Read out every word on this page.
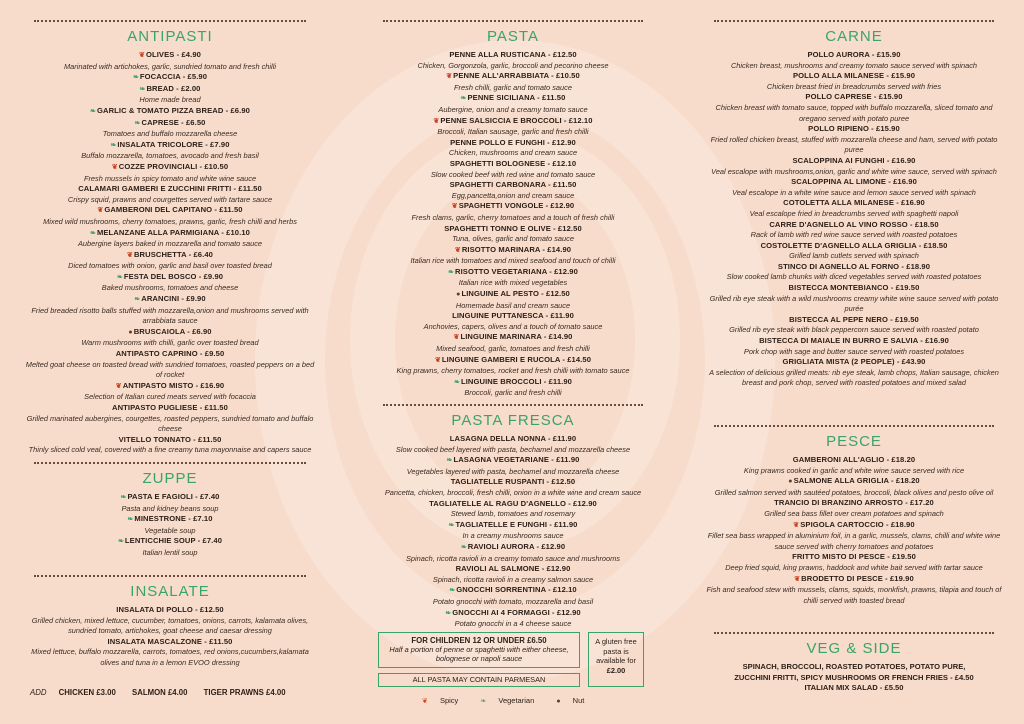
ANTIPASTI
❦OLIVES - £4.90
Marinated with artichokes, garlic, sundried tomato and fresh chilli
❧FOCACCIA - £5.90
❧BREAD - £2.00
Home made bread
❧GARLIC & TOMATO PIZZA BREAD - £6.90
❧CAPRESE - £6.50
Tomatoes and buffalo mozzarella cheese
❧INSALATA TRICOLORE - £7.90
Buffalo mozzarella, tomatoes, avocado and fresh basil
❦COZZE PROVINCIALI - £10.50
Fresh mussels in spicy tomato and white wine sauce
CALAMARI GAMBERI E ZUCCHINI FRITTI - £11.50
Crispy squid, prawns and courgettes served with tartare sauce
❦GAMBERONI DEL CAPITANO - £11.50
Mixed wild mushrooms, cherry tomatoes, prawns, garlic, fresh chilli and herbs
❧MELANZANE ALLA PARMIGIANA - £10.10
Aubergine layers baked in mozzarella and tomato sauce
❦BRUSCHETTA - £6.40
Diced tomatoes with onion, garlic and basil over toasted bread
❧FESTA DEL BOSCO - £9.90
Baked mushrooms, tomatoes and cheese
❧ARANCINI - £9.90
Fried breaded risotto balls stuffed with mozzarella,onion and mushrooms served with arrabbiata sauce
●BRUSCAIOLA - £6.90
Warm mushrooms with chilli, garlic over toasted bread
ANTIPASTO CAPRINO - £9.50
Melted goat cheese on toasted bread with sundried tomatoes, roasted peppers on a bed of rocket
❦ANTIPASTO MISTO - £16.90
Selection of Italian cured meats served with focaccia
ANTIPASTO PUGLIESE - £11.50
Grilled marinated aubergines, courgettes, roasted peppers, sundried tomato and buffalo cheese
VITELLO TONNATO - £11.50
Thinly sliced cold veal, covered with a fine creamy tuna mayonnaise and capers sauce
ZUPPE
❧PASTA E FAGIOLI - £7.40
Pasta and kidney beans soup
❧MINESTRONE - £7.10
Vegetable soup
❧LENTICCHIE SOUP - £7.40
Italian lentil soup
INSALATE
INSALATA DI POLLO - £12.50
Grilled chicken, mixed lettuce, cucumber, tomatoes, onions, carrots, kalamata olives, sundried tomato, artichokes, goat cheese and caesar dressing
INSALATA MASCALZONE - £11.50
Mixed lettuce, buffalo mozzarella, carrots, tomatoes, red onions,cucumbers,kalamata olives and tuna in a lemon EVOO dressing
ADD CHICKEN £3.00 SALMON £4.00 TIGER PRAWNS £4.00
PASTA
PENNE ALLA RUSTICANA - £12.50
Chicken, Gorgonzola, garlic, broccoli and pecorino cheese
❦PENNE ALL'ARRABBIATA - £10.50
Fresh chilli, garlic and tomato sauce
❧PENNE SICILIANA - £11.50
Aubergine, onion and a creamy tomato sauce
❦PENNE SALSICCIA E BROCCOLI - £12.10
Broccoli, Italian sausage, garlic and fresh chilli
PENNE POLLO E FUNGHI - £12.90
Chicken, mushrooms and cream sauce
SPAGHETTI BOLOGNESE - £12.10
Slow cooked beef with red wine and tomato sauce
SPAGHETTI CARBONARA - £11.50
Egg,pancetta,onion and cream sauce
❦SPAGHETTI VONGOLE - £12.90
Fresh clams, garlic, cherry tomatoes and a touch of fresh chilli
SPAGHETTI TONNO E OLIVE - £12.50
Tuna, olives, garlic and tomato sauce
❦RISOTTO MARINARA - £14.90
Italian rice with tomatoes and mixed seafood and touch of chilli
❧RISOTTO VEGETARIANA - £12.90
Italian rice with mixed vegetables
●LINGUINE AL PESTO - £12.50
Homemade basil and cream sauce
LINGUINE PUTTANESCA - £11.90
Anchovies, capers, olives and a touch of tomato sauce
❦LINGUINE MARINARA - £14.90
Mixed seafood, garlic, tomatoes and fresh chilli
❦LINGUINE GAMBERI E RUCOLA - £14.50
King prawns, cherry tomatoes, rocket and fresh chilli with tomato sauce
❧LINGUINE BROCCOLI - £11.90
Broccoli, garlic and fresh chilli
PASTA FRESCA
LASAGNA DELLA NONNA - £11.90
Slow cooked beef layered with pasta, bechamel and mozzarella cheese
❧LASAGNA VEGETARIANE - £11.90
Vegetables layered with pasta, bechamel and mozzarella cheese
TAGLIATELLE RUSPANTI - £12.50
Pancetta, chicken, broccoli, fresh chilli, onion in a white wine and cream sauce
TAGLIATELLE AL RAGU D'AGNELLO - £12.90
Stewed lamb, tomatoes and rosemary
❧TAGLIATELLE E FUNGHI - £11.90
In a creamy mushrooms sauce
❧RAVIOLI AURORA - £12.90
Spinach, ricotta ravioli in a creamy tomato sauce and mushrooms
RAVIOLI AL SALMONE - £12.90
Spinach, ricotta ravioli in a creamy salmon sauce
❧GNOCCHI SORRENTINA - £12.10
Potato gnocchi with tomato, mozzarella and basil
❧GNOCCHI AI 4 FORMAGGI - £12.90
Potato gnocchi in a 4 cheese sauce
FOR CHILDREN 12 OR UNDER £6.50
Half a portion of penne or spaghetti with either cheese, bolognese or napoli sauce
ALL PASTA MAY CONTAIN PARMESAN
A gluten free pasta is available for
£2.00
❦ Spicy	❧ Vegetarian	● Nut
CARNE
POLLO AURORA - £15.90
Chicken breast, mushrooms and creamy tomato sauce served with spinach
POLLO ALLA MILANESE - £15.90
Chicken breast fried in breadcrumbs served with fries
POLLO CAPRESE - £15.90
Chicken breast with tomato sauce, topped with buffalo mozzarella, sliced tomato and oregano served with potato puree
POLLO RIPIENO - £15.90
Fried rolled chicken breast, stuffed with mozzarella cheese and ham, served with potato puree
SCALOPPINA AI FUNGHI - £16.90
Veal escalope with mushrooms,onion, garlic and white wine sauce, served with spinach
SCALOPPINA AL LIMONE - £16.90
Veal escalope in a white wine sauce and lemon sauce served with spinach
COTOLETTA ALLA MILANESE - £16.90
Veal escalope fried in breadcrumbs served with spaghetti napoli
CARRE D'AGNELLO AL VINO ROSSO - £18.50
Rack of lamb with red wine sauce served with roasted potatoes
COSTOLETTE D'AGNELLO ALLA GRIGLIA - £18.50
Grilled lamb cutlets served with spinach
STINCO DI AGNELLO AL FORNO - £18.90
Slow cooked lamb chunks with diced vegetables served with roasted potatoes
BISTECCA MONTEBIANCO - £19.50
Grilled rib eye steak with a wild mushrooms creamy white wine sauce served with potato purée
BISTECCA AL PEPE NERO - £19.50
Grilled rib eye steak with black peppercorn sauce served with roasted potato
BISTECCA DI MAIALE IN BURRO E SALVIA - £16.90
Pork chop with sage and butter sauce served with roasted potatoes
GRIGLIATA MISTA (2 PEOPLE) - £43.90
A selection of delicious grilled meats: rib eye steak, lamb chops, Italian sausage, chicken breast and pork chop, served with roasted potatoes and mixed salad
PESCE
GAMBERONI ALL'AGLIO - £18.20
King prawns cooked in garlic and white wine sauce served with rice
●SALMONE ALLA GRIGLIA - £18.20
Grilled salmon served with sautéed potatoes, broccoli, black olives and pesto olive oil
TRANCIO DI BRANZINO ARROSTO - £17.20
Grilled sea bass fillet over cream potatoes and spinach
❦SPIGOLA CARTOCCIO - £18.90
Fillet sea bass wrapped in aluminium foil, in a garlic, mussels, clams, chilli and white wine sauce served with cherry tomatoes and potatoes
FRITTO MISTO DI PESCE - £19.50
Deep fried squid, king prawns, haddock and white bait served with tartar sauce
❦BRODETTO DI PESCE - £19.90
Fish and seafood stew with mussels, clams, squids, monkfish, prawns, tilapia and touch of chilli served with toasted bread
VEG & SIDE
SPINACH, BROCCOLI, ROASTED POTATOES, POTATO PURE,
ZUCCHINI FRITTI, SPICY MUSHROOMS OR FRENCH FRIES - £4.50
ITALIAN MIX SALAD - £5.50
